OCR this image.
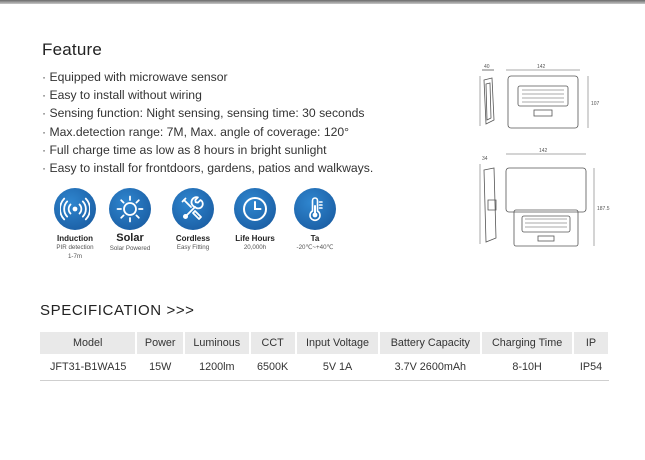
Feature
· Equipped with microwave sensor
· Easy to install without wiring
· Sensing function: Night sensing, sensing time: 30 seconds
· Max.detection range: 7M, Max. angle of coverage: 120°
· Full charge time as low as 8 hours in bright sunlight
· Easy to install for frontdoors, gardens, patios and walkways.
Induction
PIR detection
1-7m
Solar
Solar Powered
Cordless
Easy Fitting
Life Hours
20,000h
Ta
-20℃~+40℃
40	142
107
34
142
187.5
SPECIFICATION >>>
Model	Power	Luminous	CCT	Input Voltage	Battery Capacity	Charging Time	IP
JFT31-B1WA15	15W	1200lm	6500K	5V 1A	3.7V 2600mAh	8-10H	IP54
